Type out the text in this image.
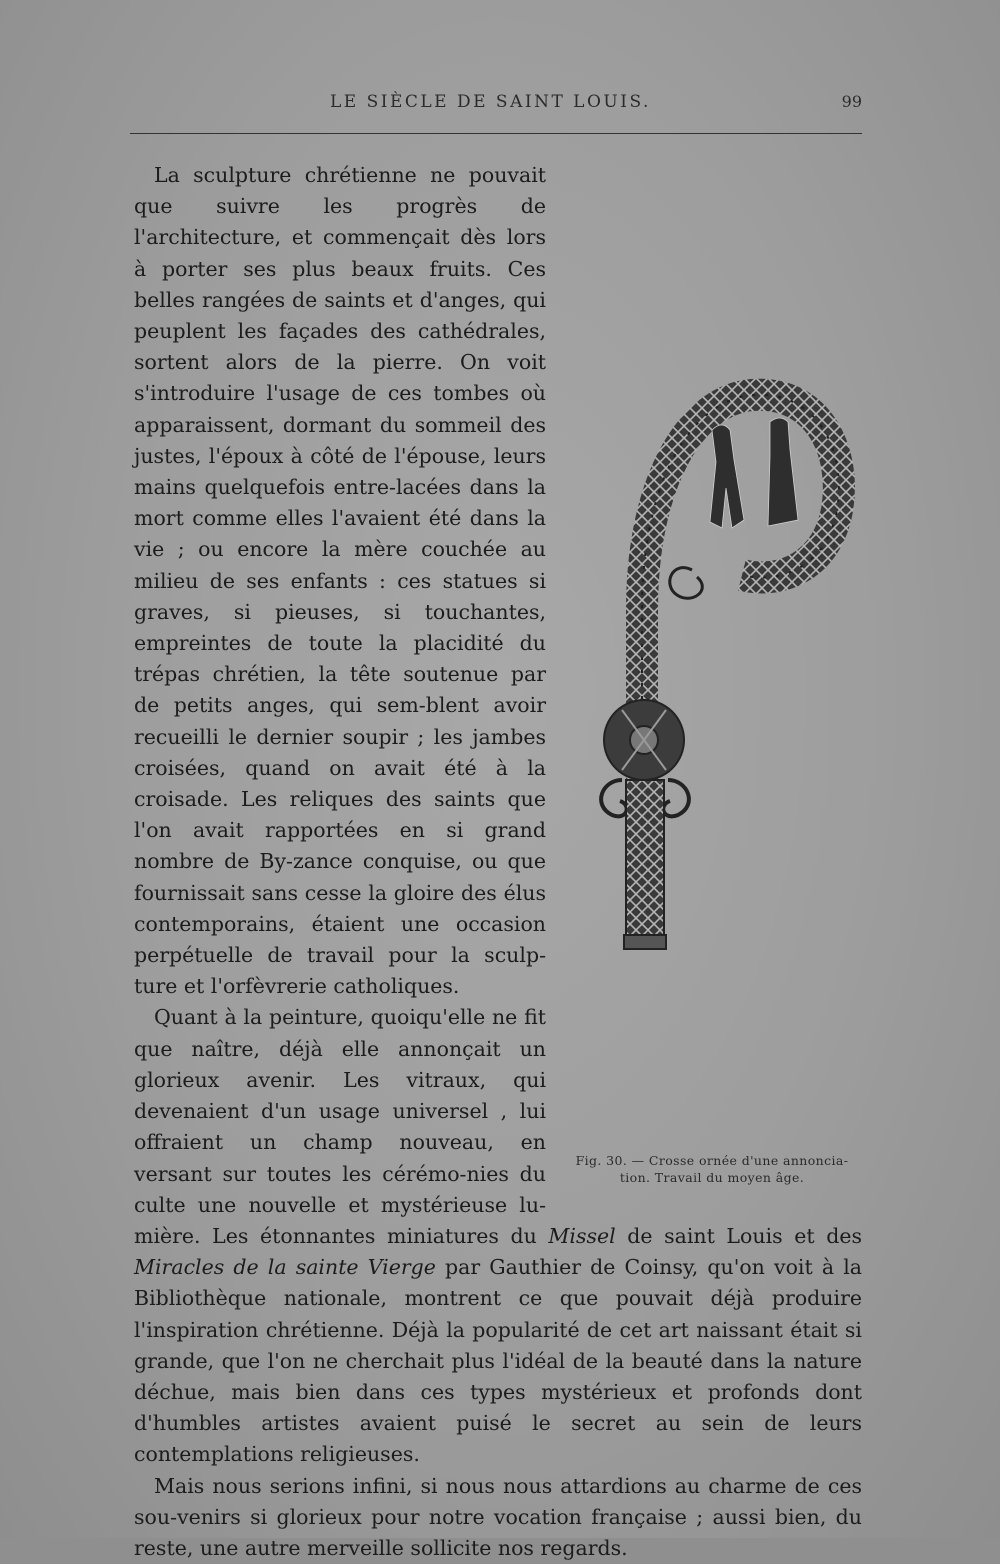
LE SIÈCLE DE SAINT LOUIS.	99
Fig. 30. — Crosse ornée d'une annoncia-tion. Travail du moyen âge.

La sculpture chrétienne ne pouvait que suivre les progrès de l'architecture, et commençait dès lors à porter ses plus beaux fruits. Ces belles rangées de saints et d'anges, qui peuplent les façades des cathédrales, sortent alors de la pierre. On voit s'introduire l'usage de ces tombes où apparaissent, dormant du sommeil des justes, l'époux à côté de l'épouse, leurs mains quelquefois entre-lacées dans la mort comme elles l'avaient été dans la vie ; ou encore la mère couchée au milieu de ses enfants : ces statues si graves, si pieuses, si touchantes, empreintes de toute la placidité du trépas chrétien, la tête soutenue par de petits anges, qui sem-blent avoir recueilli le dernier soupir ; les jambes croisées, quand on avait été à la croisade. Les reliques des saints que l'on avait rapportées en si grand nombre de By-zance conquise, ou que fournissait sans cesse la gloire des élus contemporains, étaient une occasion perpétuelle de travail pour la sculp-ture et l'orfèvrerie catholiques.

Quant à la peinture, quoiqu'elle ne fit que naître, déjà elle annonçait un glorieux avenir. Les vitraux, qui devenaient d'un usage universel , lui offraient un champ nouveau, en versant sur toutes les cérémo-nies du culte une nouvelle et mystérieuse lu-mière. Les étonnantes miniatures du Missel de saint Louis et des Miracles de la sainte Vierge par Gauthier de Coinsy, qu'on voit à la Bibliothèque nationale, montrent ce que pouvait déjà produire l'inspiration chrétienne. Déjà la popularité de cet art naissant était si grande, que l'on ne cherchait plus l'idéal de la beauté dans la nature déchue, mais bien dans ces types mystérieux et profonds dont d'humbles artistes avaient puisé le secret au sein de leurs contemplations religieuses.

Mais nous serions infini, si nous nous attardions au charme de ces sou-venirs si glorieux pour notre vocation française ; aussi bien, du reste, une autre merveille sollicite nos regards.
